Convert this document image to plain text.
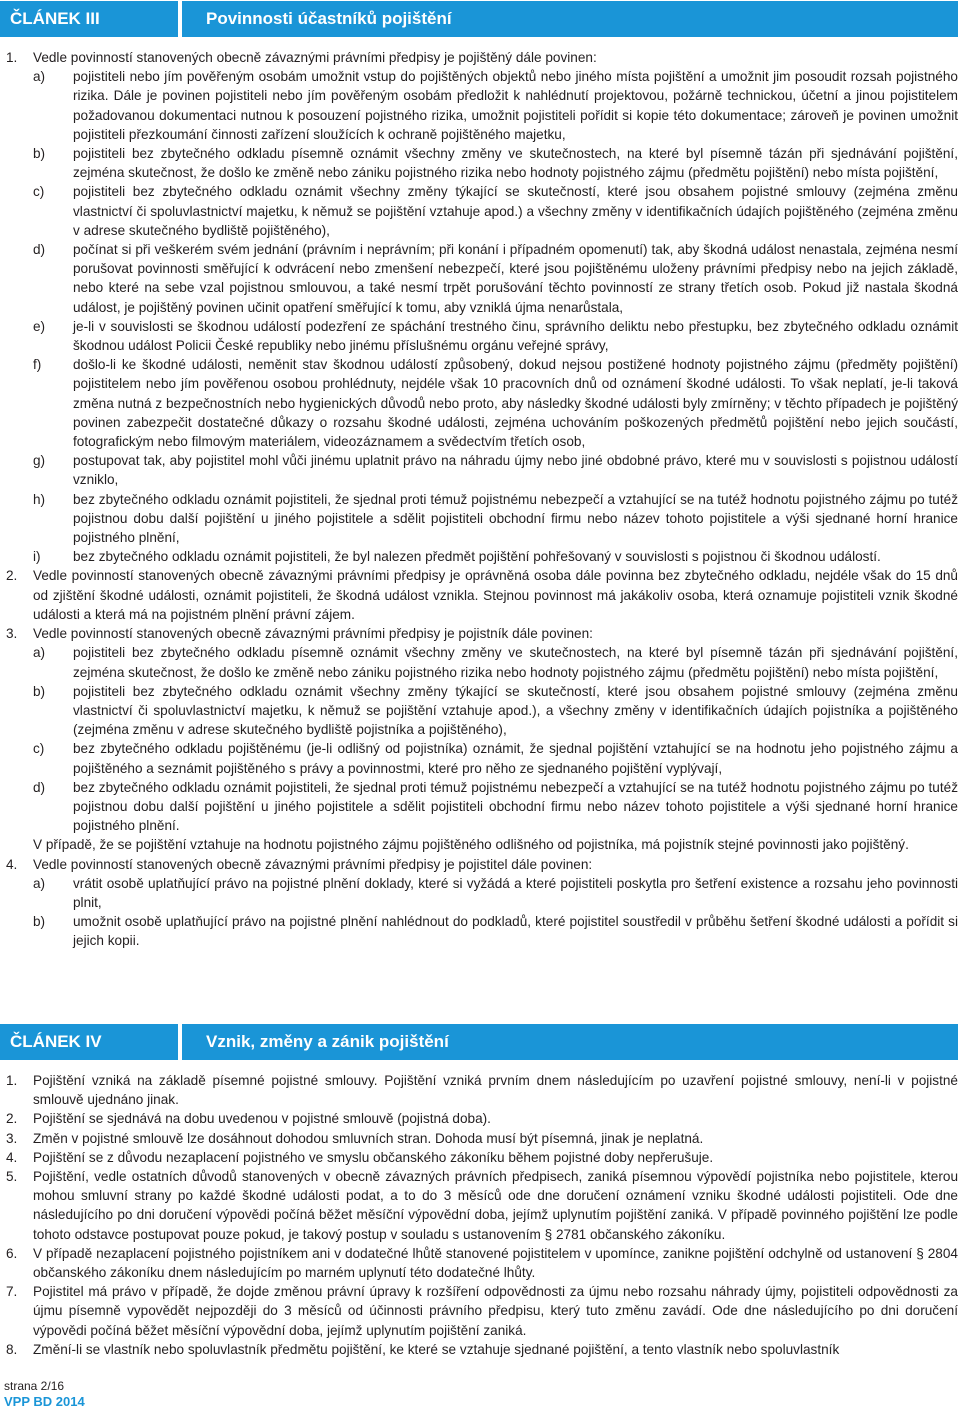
ČLÁNEK III	Povinnosti účastníků pojištění
1.	Vedle povinností stanovených obecně závaznými právními předpisy je pojištěný dále povinen:
a)	pojistiteli nebo jím pověřeným osobám umožnit vstup do pojištěných objektů nebo jiného místa pojištění a umožnit jim posoudit rozsah pojistného rizika. Dále je povinen pojistiteli nebo jím pověřeným osobám předložit k nahlédnutí projektovou, požárně technickou, účetní a jinou pojistitelem požadovanou dokumentaci nutnou k posouzení pojistného rizika, umožnit pojistiteli pořídit si kopie této dokumentace; zároveň je povinen umožnit pojistiteli přezkoumání činnosti zařízení sloužících k ochraně pojištěného majetku,
b)	pojistiteli bez zbytečného odkladu písemně oznámit všechny změny ve skutečnostech, na které byl písemně tázán při sjednávání pojištění, zejména skutečnost, že došlo ke změně nebo zániku pojistného rizika nebo hodnoty pojistného zájmu (předmětu pojištění) nebo místa pojištění,
c)	pojistiteli bez zbytečného odkladu oznámit všechny změny týkající se skutečností, které jsou obsahem pojistné smlouvy (zejména změnu vlastnictví či spoluvlastnictví majetku, k němuž se pojištění vztahuje apod.) a všechny změny v identifikačních údajích pojištěného (zejména změnu v adrese skutečného bydliště pojištěného),
d)	počínat si při veškerém svém jednání (právním i neprávním; při konání i případném opomenutí) tak, aby škodná událost nenastala, zejména nesmí porušovat povinnosti směřující k odvrácení nebo zmenšení nebezpečí, které jsou pojištěnému uloženy právními předpisy nebo na jejich základě, nebo které na sebe vzal pojistnou smlouvou, a také nesmí trpět porušování těchto povinností ze strany třetích osob. Pokud již nastala škodná událost, je pojištěný povinen učinit opatření směřující k tomu, aby vzniklá újma nenarůstala,
e)	je-li v souvislosti se škodnou událostí podezření ze spáchání trestného činu, správního deliktu nebo přestupku, bez zbytečného odkladu oznámit škodnou událost Policii České republiky nebo jinému příslušnému orgánu veřejné správy,
f)	došlo-li ke škodné události, neměnit stav škodnou událostí způsobený, dokud nejsou postižené hodnoty pojistného zájmu (předměty pojištění) pojistitelem nebo jím pověřenou osobou prohlédnuty, nejdéle však 10 pracovních dnů od oznámení škodné události. To však neplatí, je-li taková změna nutná z bezpečnostních nebo hygienických důvodů nebo proto, aby následky škodné události byly zmírněny; v těchto případech je pojištěný povinen zabezpečit dostatečné důkazy o rozsahu škodné události, zejména uchováním poškozených předmětů pojištění nebo jejich součástí, fotografickým nebo filmovým materiálem, videozáznamem a svědectvím třetích osob,
g)	postupovat tak, aby pojistitel mohl vůči jinému uplatnit právo na náhradu újmy nebo jiné obdobné právo, které mu v souvislosti s pojistnou událostí vzniklo,
h)	bez zbytečného odkladu oznámit pojistiteli, že sjednal proti témuž pojistnému nebezpečí a vztahující se na tutéž hodnotu pojistného zájmu po tutéž pojistnou dobu další pojištění u jiného pojistitele a sdělit pojistiteli obchodní firmu nebo název tohoto pojistitele a výši sjednané horní hranice pojistného plnění,
i)	bez zbytečného odkladu oznámit pojistiteli, že byl nalezen předmět pojištění pohřešovaný v souvislosti s pojistnou či škodnou událostí.
2.	Vedle povinností stanovených obecně závaznými právními předpisy je oprávněná osoba dále povinna bez zbytečného odkladu, nejdéle však do 15 dnů od zjištění škodné události, oznámit pojistiteli, že škodná událost vznikla. Stejnou povinnost má jakákoliv osoba, která oznamuje pojistiteli vznik škodné události a která má na pojistném plnění právní zájem.
3.	Vedle povinností stanovených obecně závaznými právními předpisy je pojistník dále povinen:
a)	pojistiteli bez zbytečného odkladu písemně oznámit všechny změny ve skutečnostech, na které byl písemně tázán při sjednávání pojištění, zejména skutečnost, že došlo ke změně nebo zániku pojistného rizika nebo hodnoty pojistného zájmu (předmětu pojištění) nebo místa pojištění,
b)	pojistiteli bez zbytečného odkladu oznámit všechny změny týkající se skutečností, které jsou obsahem pojistné smlouvy (zejména změnu vlastnictví či spoluvlastnictví majetku, k němuž se pojištění vztahuje apod.), a všechny změny v identifikačních údajích pojistníka a pojištěného (zejména změnu v adrese skutečného bydliště pojistníka a pojištěného),
c)	bez zbytečného odkladu pojištěnému (je-li odlišný od pojistníka) oznámit, že sjednal pojištění vztahující se na hodnotu jeho pojistného zájmu a pojištěného a seznámit pojištěného s právy a povinnostmi, které pro něho ze sjednaného pojištění vyplývají,
d)	bez zbytečného odkladu oznámit pojistiteli, že sjednal proti témuž pojistnému nebezpečí a vztahující se na tutéž hodnotu pojistného zájmu po tutéž pojistnou dobu další pojištění u jiného pojistitele a sdělit pojistiteli obchodní firmu nebo název tohoto pojistitele a výši sjednané horní hranice pojistného plnění.
V případě, že se pojištění vztahuje na hodnotu pojistného zájmu pojištěného odlišného od pojistníka, má pojistník stejné povinnosti jako pojištěný.
4.	Vedle povinností stanovených obecně závaznými právními předpisy je pojistitel dále povinen:
a)	vrátit osobě uplatňující právo na pojistné plnění doklady, které si vyžádá a které pojistiteli poskytla pro šetření existence a rozsahu jeho povinnosti plnit,
b)	umožnit osobě uplatňující právo na pojistné plnění nahlédnout do podkladů, které pojistitel soustředil v průběhu šetření škodné události a pořídit si jejich kopii.
ČLÁNEK IV	Vznik, změny a zánik pojištění
1.	Pojištění vzniká na základě písemné pojistné smlouvy. Pojištění vzniká prvním dnem následujícím po uzavření pojistné smlouvy, není-li v pojistné smlouvě ujednáno jinak.
2.	Pojištění se sjednává na dobu uvedenou v pojistné smlouvě (pojistná doba).
3.	Změn v pojistné smlouvě lze dosáhnout dohodou smluvních stran. Dohoda musí být písemná, jinak je neplatná.
4.	Pojištění se z důvodu nezaplacení pojistného ve smyslu občanského zákoníku během pojistné doby nepřerušuje.
5.	Pojištění, vedle ostatních důvodů stanovených v obecně závazných právních předpisech, zaniká písemnou výpovědí pojistníka nebo pojistitele, kterou mohou smluvní strany po každé škodné události podat, a to do 3 měsíců ode dne doručení oznámení vzniku škodné události pojistiteli. Ode dne následujícího po dni doručení výpovědi počíná běžet měsíční výpovědní doba, jejímž uplynutím pojištění zaniká. V případě povinného pojištění lze podle tohoto odstavce postupovat pouze pokud, je takový postup v souladu s ustanovením § 2781 občanského zákoníku.
6.	V případě nezaplacení pojistného pojistníkem ani v dodatečné lhůtě stanovené pojistitelem v upomínce, zanikne pojištění odchylně od ustanovení § 2804 občanského zákoníku dnem následujícím po marném uplynutí této dodatečné lhůty.
7.	Pojistitel má právo v případě, že dojde změnou právní úpravy k rozšíření odpovědnosti za újmu nebo rozsahu náhrady újmy, pojistiteli odpovědnosti za újmu písemně vypovědět nejpozději do 3 měsíců od účinnosti právního předpisu, který tuto změnu zavádí. Ode dne následujícího po dni doručení výpovědi počíná běžet měsíční výpovědní doba, jejímž uplynutím pojištění zaniká.
8.	Změní-li se vlastník nebo spoluvlastník předmětu pojištění, ke které se vztahuje sjednané pojištění, a tento vlastník nebo spoluvlastník
strana 2/16
VPP BD 2014
